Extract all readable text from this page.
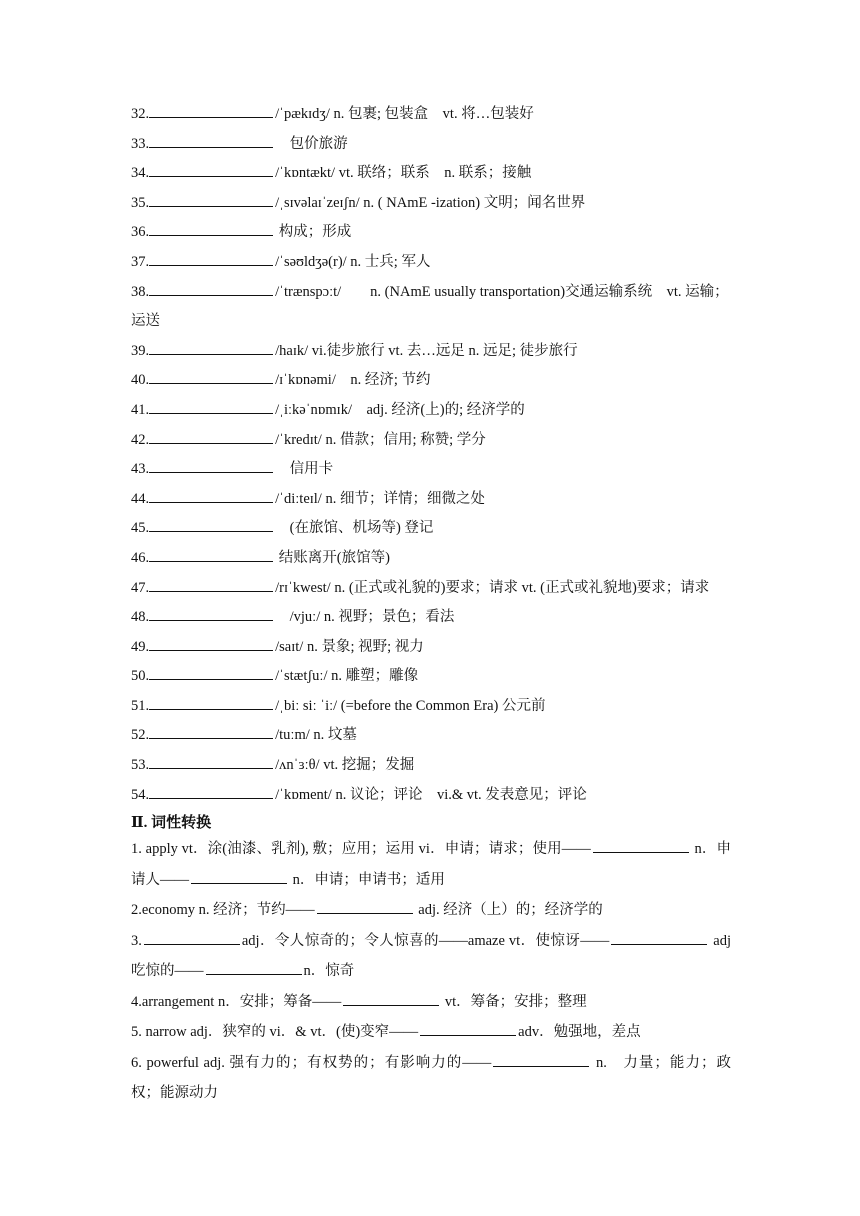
32.	/ˈpækɪdʒ/ n. 包裹; 包装盒　vt. 将…包装好
33.	　包价旅游
34.	/ˈkɒntækt/ vt. 联络；联系　n. 联系；接触
35.	/ˌsɪvəlaɪˈzeɪʃn/ n. ( NAmE -ization) 文明；闻名世界
36.	构成；形成
37.	/ˈsəʊldʒə(r)/ n. 士兵; 军人
38.	/ˈtrænspɔːt/　　n. (NAmE usually transportation)交通运输系统　vt. 运输；运送
39.	/haɪk/ vi.徒步旅行 vt. 去…远足 n. 远足; 徒步旅行
40.	/ɪˈkɒnəmi/　n. 经济; 节约
41.	/ˌiːkəˈnɒmɪk/　adj. 经济(上)的; 经济学的
42.	/ˈkredɪt/ n. 借款；信用; 称赞; 学分
43.	　信用卡
44.	/ˈdiːteɪl/ n. 细节；详情；细微之处
45.	　(在旅馆、机场等) 登记
46.	结账离开(旅馆等)
47.	/rɪˈkwest/ n. (正式或礼貌的)要求；请求 vt. (正式或礼貌地)要求；请求
48.	　/vjuː/ n. 视野；景色；看法
49.	/saɪt/ n. 景象; 视野; 视力
50.	/ˈstætʃuː/ n. 雕塑；雕像
51.	/ˌbiː siː ˈiː/ (=before the Common Era) 公元前
52.	/tuːm/ n. 坟墓
53.	/ʌnˈɜːθ/ vt. 挖掘；发掘
54.	/ˈkɒment/ n. 议论；评论　vi.& vt. 发表意见；评论
Ⅱ. 词性转换
1. apply vt．涂(油漆、乳剂), 敷；应用；运用 vi．申请；请求；使用——	n．申请人——	n．申请；申请书；适用
2.economy n. 经济；节约——	adj. 经济（上）的；经济学的
3.	adj．令人惊奇的；令人惊喜的——amaze vt．使惊讶——	adj 吃惊的——	n．惊奇
4.arrangement n．安排；筹备——	vt．筹备；安排；整理
5. narrow adj．狭窄的 vi．& vt．(使)变窄——	adv．勉强地，差点
6. powerful adj. 强有力的；有权势的；有影响力的——	n.　力量；能力；政权；能源动力
